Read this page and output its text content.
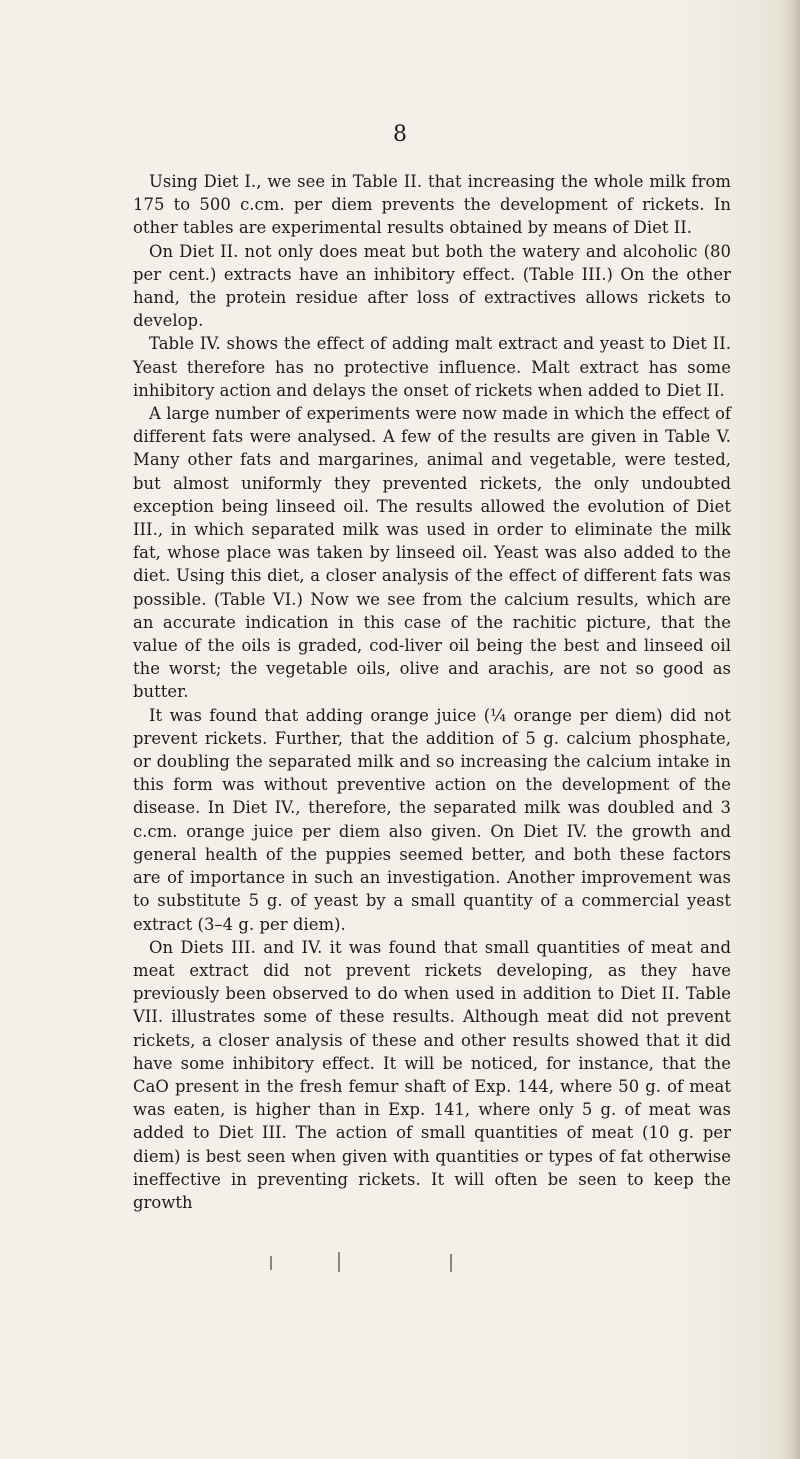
8

Using Diet I., we see in Table II. that increasing the whole milk from 175 to 500 c.cm. per diem prevents the development of rickets. In other tables are experimental results obtained by means of Diet II.

On Diet II. not only does meat but both the watery and alcoholic (80 per cent.) extracts have an inhibitory effect. (Table III.) On the other hand, the protein residue after loss of extractives allows rickets to develop.

Table IV. shows the effect of adding malt extract and yeast to Diet II. Yeast therefore has no protective influence. Malt extract has some inhibitory action and delays the onset of rickets when added to Diet II.

A large number of experiments were now made in which the effect of different fats were analysed. A few of the results are given in Table V. Many other fats and margarines, animal and vegetable, were tested, but almost uniformly they prevented rickets, the only undoubted exception being linseed oil. The results allowed the evolution of Diet III., in which separated milk was used in order to eliminate the milk fat, whose place was taken by linseed oil. Yeast was also added to the diet. Using this diet, a closer analysis of the effect of different fats was possible. (Table VI.) Now we see from the calcium results, which are an accurate indication in this case of the rachitic picture, that the value of the oils is graded, cod-liver oil being the best and linseed oil the worst; the vegetable oils, olive and arachis, are not so good as butter.

It was found that adding orange juice (¼ orange per diem) did not prevent rickets. Further, that the addition of 5 g. calcium phosphate, or doubling the separated milk and so increasing the calcium intake in this form was without preventive action on the development of the disease. In Diet IV., therefore, the separated milk was doubled and 3 c.cm. orange juice per diem also given. On Diet IV. the growth and general health of the puppies seemed better, and both these factors are of importance in such an investigation. Another improvement was to substitute 5 g. of yeast by a small quantity of a commercial yeast extract (3–4 g. per diem).

On Diets III. and IV. it was found that small quantities of meat and meat extract did not prevent rickets developing, as they have previously been observed to do when used in addition to Diet II. Table VII. illustrates some of these results. Although meat did not prevent rickets, a closer analysis of these and other results showed that it did have some inhibitory effect. It will be noticed, for instance, that the CaO present in the fresh femur shaft of Exp. 144, where 50 g. of meat was eaten, is higher than in Exp. 141, where only 5 g. of meat was added to Diet III. The action of small quantities of meat (10 g. per diem) is best seen when given with quantities or types of fat otherwise ineffective in preventing rickets. It will often be seen to keep the growth
